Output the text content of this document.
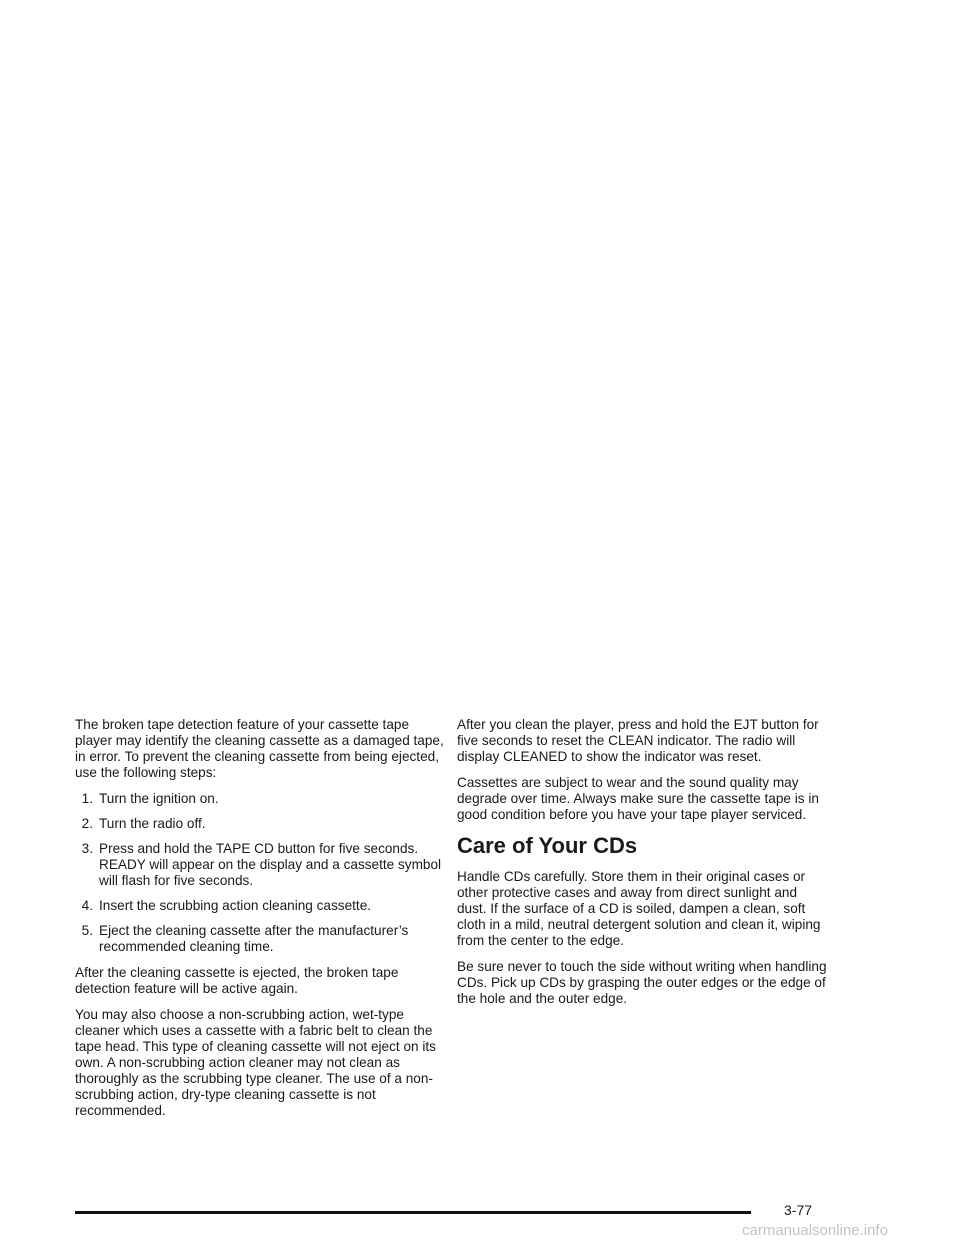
The broken tape detection feature of your cassette tape player may identify the cleaning cassette as a damaged tape, in error. To prevent the cleaning cassette from being ejected, use the following steps:

1. Turn the ignition on.
2. Turn the radio off.
3. Press and hold the TAPE CD button for five seconds. READY will appear on the display and a cassette symbol will flash for five seconds.
4. Insert the scrubbing action cleaning cassette.
5. Eject the cleaning cassette after the manufacturer’s recommended cleaning time.

After the cleaning cassette is ejected, the broken tape detection feature will be active again.

You may also choose a non-scrubbing action, wet-type cleaner which uses a cassette with a fabric belt to clean the tape head. This type of cleaning cassette will not eject on its own. A non-scrubbing action cleaner may not clean as thoroughly as the scrubbing type cleaner. The use of a non-scrubbing action, dry-type cleaning cassette is not recommended.

After you clean the player, press and hold the EJT button for five seconds to reset the CLEAN indicator. The radio will display CLEANED to show the indicator was reset.

Cassettes are subject to wear and the sound quality may degrade over time. Always make sure the cassette tape is in good condition before you have your tape player serviced.

Care of Your CDs

Handle CDs carefully. Store them in their original cases or other protective cases and away from direct sunlight and dust. If the surface of a CD is soiled, dampen a clean, soft cloth in a mild, neutral detergent solution and clean it, wiping from the center to the edge.

Be sure never to touch the side without writing when handling CDs. Pick up CDs by grasping the outer edges or the edge of the hole and the outer edge.

3-77
carmanualsonline.info
